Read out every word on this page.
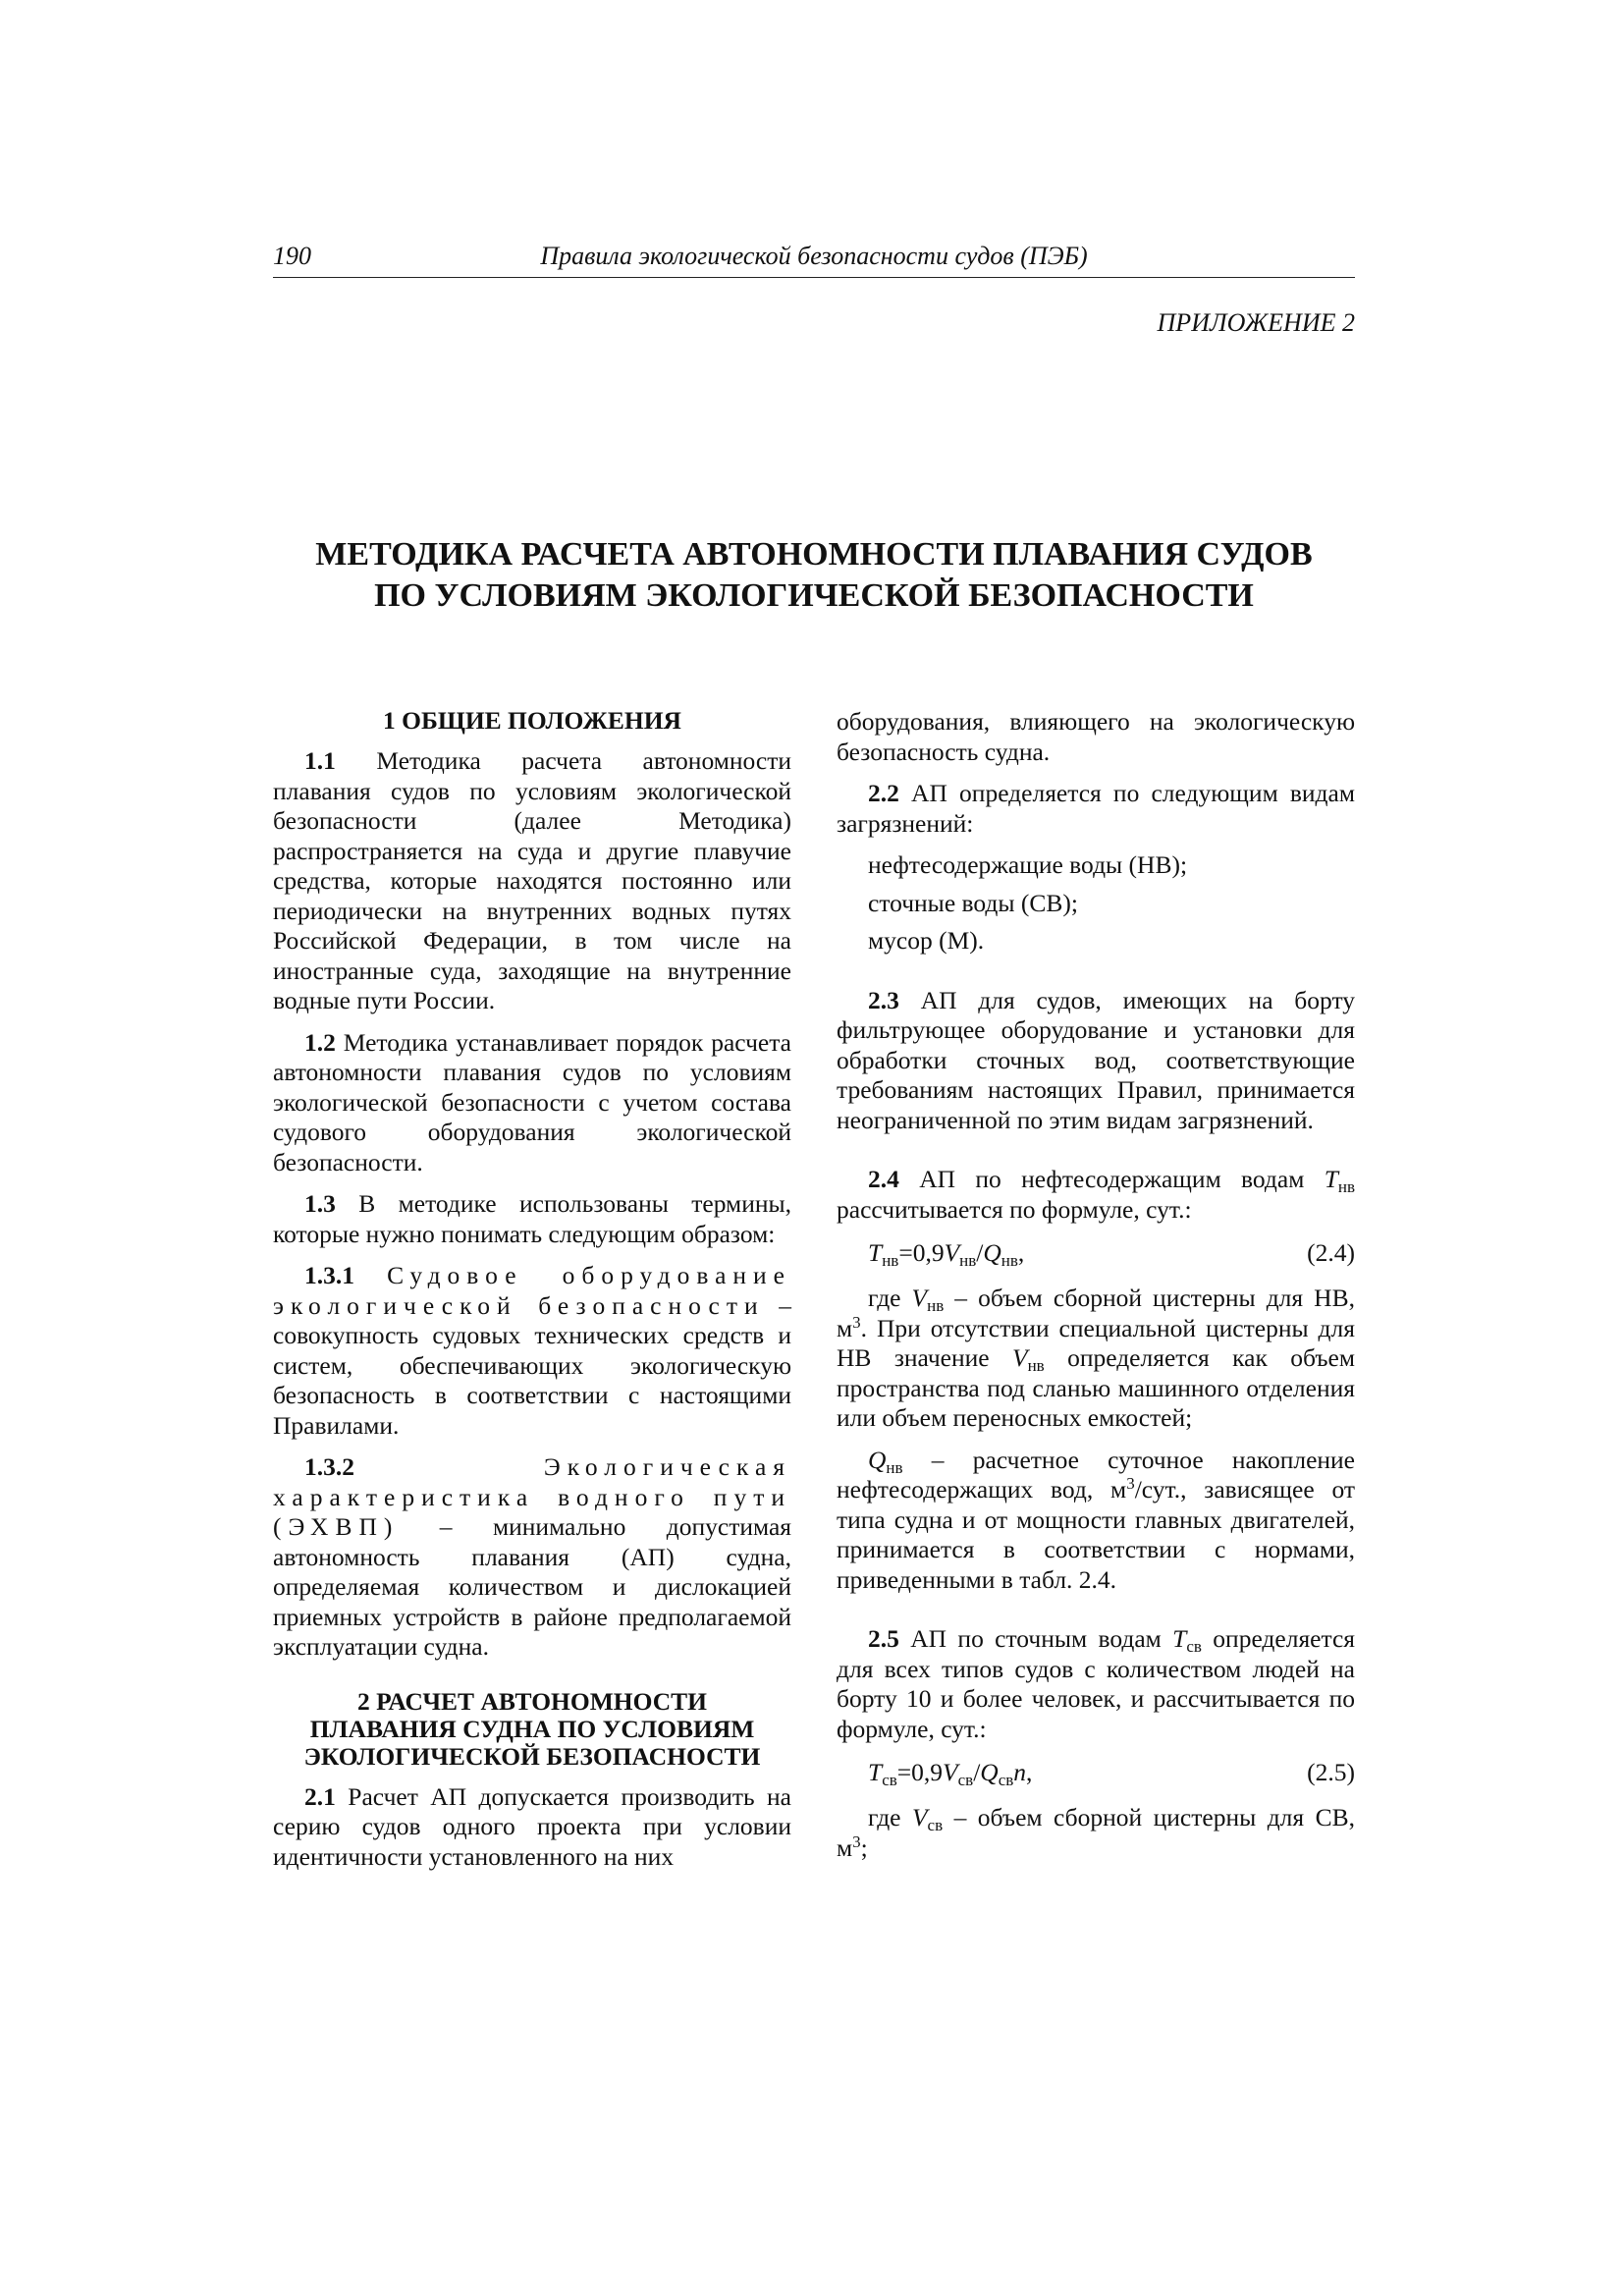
190	Правила экологической безопасности судов (ПЭБ)
ПРИЛОЖЕНИЕ 2
МЕТОДИКА РАСЧЕТА АВТОНОМНОСТИ ПЛАВАНИЯ СУДОВ
ПО УСЛОВИЯМ ЭКОЛОГИЧЕСКОЙ БЕЗОПАСНОСТИ
1 ОБЩИЕ ПОЛОЖЕНИЯ

1.1 Методика расчета автономности плавания судов по условиям экологической безопасности (далее Методика) распространяется на суда и другие плавучие средства, которые находятся постоянно или периодически на внутренних водных путях Российской Федерации, в том числе на иностранные суда, заходящие на внутренние водные пути России.

1.2 Методика устанавливает порядок расчета автономности плавания судов по условиям экологической безопасности с учетом состава судового оборудования экологической безопасности.

1.3 В методике использованы термины, которые нужно понимать следующим образом:

1.3.1 Судовое оборудование экологической безопасности – совокупность судовых технических средств и систем, обеспечивающих экологическую безопасность в соответствии с настоящими Правилами.

1.3.2	Экологическая характеристика водного пути (ЭХВП) – минимально допустимая автономность плавания (АП) судна, определяемая количеством и дислокацией приемных устройств в районе предполагаемой эксплуатации судна.

2 РАСЧЕТ АВТОНОМНОСТИ
ПЛАВАНИЯ СУДНА ПО УСЛОВИЯМ
ЭКОЛОГИЧЕСКОЙ БЕЗОПАСНОСТИ

2.1 Расчет АП допускается производить на серию судов одного проекта при условии идентичности установленного на них

оборудования, влияющего на экологическую безопасность судна.

2.2 АП определяется по следующим видам загрязнений:

нефтесодержащие воды (НВ);

сточные воды (СВ);

мусор (М).

2.3 АП для судов, имеющих на борту фильтрующее оборудование и установки для обработки сточных вод, соответствующие требованиям настоящих Правил, принимается неограниченной по этим видам загрязнений.

2.4 АП по нефтесодержащим водам $T_{нв}$ рассчитывается по формуле, сут.:

$T_{нв}=0,9V_{нв}/Q_{нв}$,	(2.4)

где $V_{нв}$ – объем сборной цистерны для НВ, $м^3$. При отсутствии специальной цистерны для НВ значение $V_{нв}$ определяется как объем пространства под сланью машинного отделения или объем переносных емкостей;

$Q_{нв}$ – расчетное суточное накопление нефтесодержащих вод, $м^3$/сут., зависящее от типа судна и от мощности главных двигателей, принимается в соответствии с нормами, приведенными в табл. 2.4.

2.5 АП по сточным водам $T_{св}$ определяется для всех типов судов с количеством людей на борту 10 и более человек, и рассчитывается по формуле, сут.:

$T_{св}=0,9V_{св}/Q_{св}n$,	(2.5)

где $V_{св}$ – объем сборной цистерны для СВ, $м^3$;
